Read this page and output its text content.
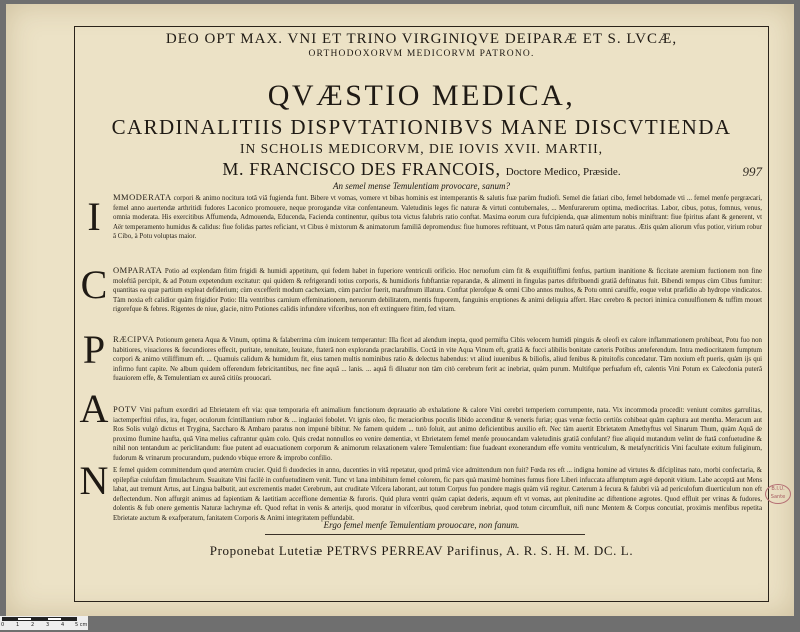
DEO OPT MAX. VNI ET TRINO VIRGINIQVE DEIPARÆ ET S. LVCÆ,
ORTHODOXORVM MEDICORVM PATRONO.
QVÆSTIO MEDICA,
CARDINALITIIS DISPVTATIONIBVS MANE DISCVTIENDA
IN SCHOLIS MEDICORVM, DIE IOVIS XVII. MARTII,
M. FRANCISCO DES FRANCOIS, Doctore Medico, Præside.
An semel mense Temulentiam provocare, sanum?
997
I	MMODERATA corpori & animo nocitura totâ viâ fugienda funt. Bibere vt vomas, vomere vt bibas hominis est intemperantis & salutis fuæ parùm ftudiofi. Semel die fatiari cibo, femel hebdomade vti ... femel menfe pergræcari, femel anno auertendæ arthritidi fudores Laconico promouere, neque prorogandæ vitæ confentaneum. Valetudinis leges fic naturæ & virtuti contubernales, ... Menfurarerum optima, mediocritas. Labor, cibus, potus, fomnus, venus, omnia moderata. His exercitibus Affumenda, Admouenda, Educenda, Facienda continentur, quibus tota victus falubris ratio conftat. Maxima eorum cura fufcipienda, quæ alimentum nobis miniftrant: fiue fpiritus afant & generent, vt Aër temperamento humidus & calidus: fiue folidas partes reficiant, vt Cibus è mixtorum & animatorum familiâ depromendus: fiue humores reftituant, vt Potus tâm naturâ quàm arte paratus. Ætis quàm aliorum vfus potior, virium robur â Cibo, à Potu voluptas maior.
C OMPARATA Potio ad explendam fitim frigidi & humidi appetitum, qui fedem habet in fuperiore ventriculi orificio. Hoc neruofum cùm fit & exquifitiffimi fenfus, partium inanitione & ficcitate aremium fuctionem non fine moleftiâ percipit, & ad Potum expetendum excitatur: qui quidem & refrigerandi totius corporis, & humidioris fubftantiæ reparandæ, & alimenti in fingulas partes diftribuendi gratiâ deftinatus fuit. Bibendi tempus cùm Cibus fumitur: quantitas ea quæ partium expleat defiderium; cùm excefferit modum cachexiam, cùm parcior fuerit, marafmum illatura. Conftat plerofque & omni Cibo annos multos, & Potu omni caruiffe, eoque velut præfidio ab hydrope vindicatos. Tàm noxia eft calidior quàm frigidior Potio: Illa ventribus carnium effeminationem, neruorum debilitatem, mentis ftuporem, fanguinis eruptiones & animi deliquia affert. Hæc cerebro & pectori inimica conuulfionem & tuffim mouet rigorefque & febres. Rigentes de niue, glacie, nitro Potiones calidis infundere vifceribus, non eft extinguere fitim, fed vitam.
P RÆCIPVA Potionum genera Aqua & Vinum, optima & falaberrima cùm inuicem temperantur: Illa ficet ad alendum inepta, quod permifta Cibis velocem humidi pinguis & oleofi ex calore inflammationem prohibeat, Potu fuo non habitiores, viuaciores & fœcundiores effecit, puritate, tenuitate, leuitate, ftaterâ non exploranda præclarabilis. Coctâ in vite Aqua Vinum eft, gratiâ & fucci alibilis bonitate cæteris Potibus anteferendum. Intra mediocritatem fumptum corpori & animo vtiliffimum eft. ... Quamuis calidum & humidum fit, eius tamen multis nominibus ratio & delectus habendus: vt aliud iuuenibus & biliofis, aliud fenibus & pituitofis concedatur. Tàm noxium eft pueris, quàm ijs qui infirmo funt capite. Ne album quidem offerendum febricitantibus, nec fine aquâ ... lanis. ... aquâ fi diluatur non tàm citò cerebrum ferit ac inebriat, quàm purum. Multifque perfuafum eft, calentis Vini Potum ex Calecdonia puterâ fuauiorem effe, & Temulentiam ex aureâ citiùs prouocari.
A POTV Vini paftum exordiri ad Ebrietatem eft via: quæ temporaria eft animalium functionum deprauatio ab exhalatione & calore Vini cerebri temperiem corrumpente, nata. Vix incommoda procedit: veniunt comites garrulitas, iactemperftiui rifus, ira, fuger, oculorum fcintillantium rubor & ... inglauiei fobolet. Vt ignis oleo, fic meracioribus poculis libido accenditur & veneris furiæ; quas venæ fectio certiùs cohibeat quàm caphura aut mentha. Meracum aut Ros Solis vulgò dictus et Trygina, Saccharo & Ambaro paratus non impunè bibitur. Ne famem quidem ... tutò foluit, aut animo deficientibus auxilio eft. Nec tàm auertit Ebrietatem Amethyftus vel Sinarum Thum, quàm Aquâ de proximo flumine haufta, quâ Vina melius caftrantur quàm colo. Quis credat nonnullos eo venire dementiæ, vt Ebrietatem femel menfe prouocandam valetudinis gratiâ confulant? fiue aliquid mutandum velint de ftatâ confuetudine & nihil non tentandum ac periclitandum: fiue putent ad euacuationem corporum & animorum relaxationem valere Temulentiam: fiue fuadeant exonerandum effe vomitu ventriculum, & metafyncriticis Vini facultate exitum fuliginum, fudorum & vrinarum procurandum, pudendo vbique errore & improbo confilio.
N E femel quidem committendum quod æternùm crucier. Quid fi duodecies in anno, ducenties in vitâ repetatur, quod primâ vice admittendum non fuit? Fœda res eft ... indigna homine ad virtutes & difciplinas nato, morbi confectaria, & epilepfiæ cuiufdam fimulachrum. Suauitate Vini facilè in confuetudinem venit. Tunc vt lana imbibitum femel colorem, fic pars quà maximè homines fumus fiore Liberi infuccata affumptum ægrè deponit vitium. Labe acceptâ aut Mens labat, aut tremunt Artus, aut Lingua balbutit, aut excrementis madet Cerebrum, aut cruditate Vifcera laborant, aut totum Corpus fuo pondere magis quàm viâ regitur. Cæterum à fecura & falubri vià ad periculofum diuerticulum non eft deflectendum. Non affurgit animus ad fapientiam & laetitiam acceffione dementiæ & furoris. Quid plura ventri quàm capiat dederis, æquum eft vt vomas, aut plenitudine ac diftentione ægrotes. Quod effluit per vrinas & fudores, dolentis & fub onere gementis Naturæ lachrymæ eft. Quod reftat in venis & arterijs, quod moratur in vifceribus, quod cerebrum inebriat, quod totum circumfluit, nifi nunc Mentem & Corpus concutiat, proximis menfibus repetita Ebrietate auctum & exafperatum, fanitatem Corporis & Animi integritatem peffundabit.
Ergo femel menfe Temulentiam prouocare, non fanum.
Proponebat Lutetiæ PETRVS PERREAV Parifinus, A. R. S. H. M. DC. L.
B.I.U. Sante
0 1 2 3 4 5 cm
